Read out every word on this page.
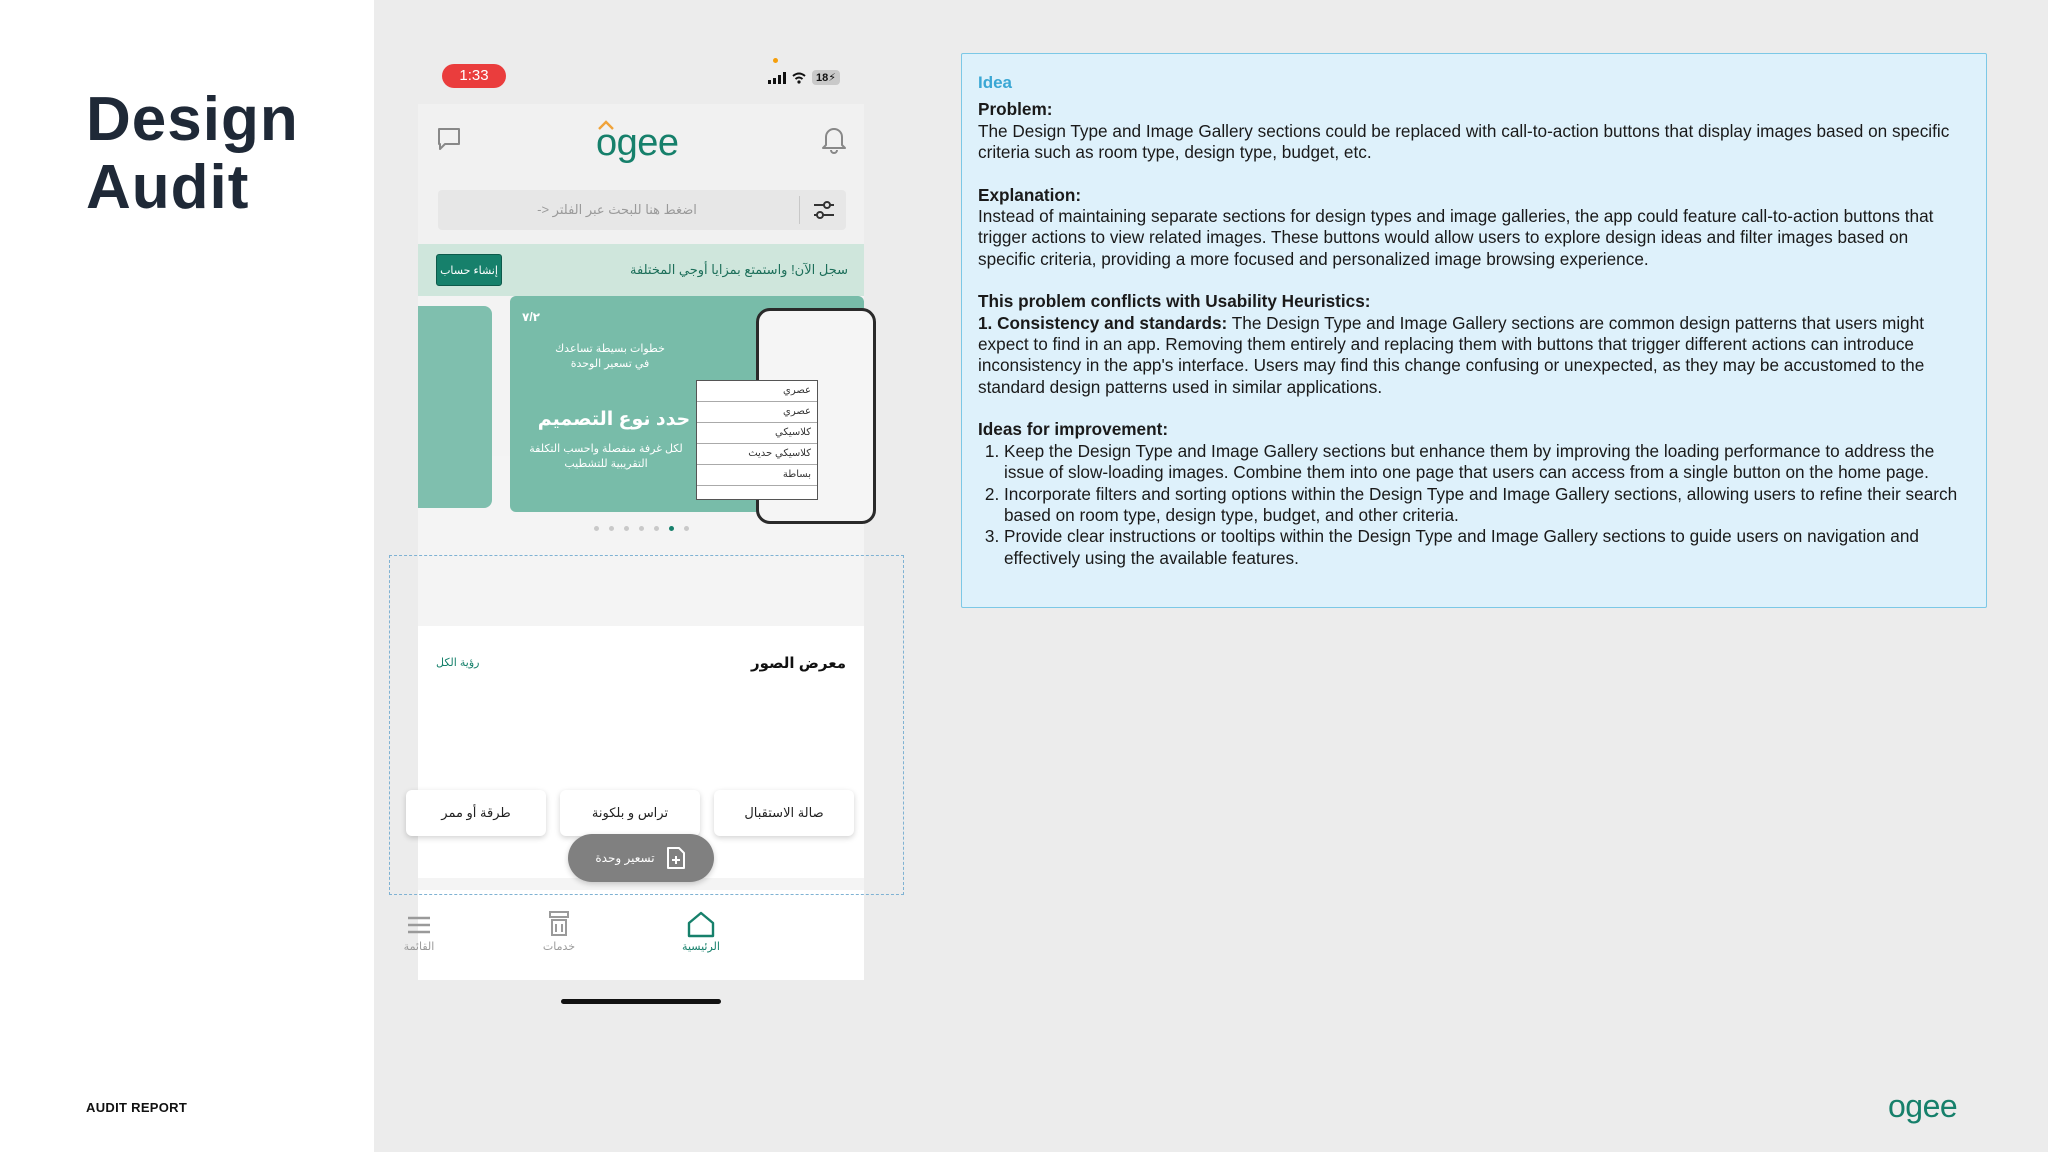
Design
Audit
AUDIT REPORT
1:33	18⚡
ogee
-> اضغط هنا للبحث عبر الفلتر
سجل الآن! واستمتع بمزايا أوجي المختلفة
إنشاء حساب
٧/٢
خطوات بسيطة تساعدك في تسعير الوحدة
حدد نوع التصميم
لكل غرفة منفصلة واحسب التكلفة التقريبية للتشطيب
عصري
عصري
كلاسيكي
كلاسيكي حديث
بساطة
معرض الصور
رؤية الكل
صالة الاستقبال
تراس و بلكونة
طرقة أو ممر
تسعير وحدة
الرئيسية
خدمات
القائمة
Idea
Problem:

The Design Type and Image Gallery sections could be replaced with call-to-action buttons that display images based on specific criteria such as room type, design type, budget, etc.

Explanation:

Instead of maintaining separate sections for design types and image galleries, the app could feature call-to-action buttons that trigger actions to view related images. These buttons would allow users to explore design ideas and filter images based on specific criteria, providing a more focused and personalized image browsing experience.

This problem conflicts with Usability Heuristics:

1. Consistency and standards: The Design Type and Image Gallery sections are common design patterns that users might expect to find in an app. Removing them entirely and replacing them with buttons that trigger different actions can introduce inconsistency in the app's interface. Users may find this change confusing or unexpected, as they may be accustomed to the standard design patterns used in similar applications.

Ideas for improvement:
1. Keep the Design Type and Image Gallery sections but enhance them by improving the loading performance to address the issue of slow-loading images. Combine them into one page that users can access from a single button on the home page.
2. Incorporate filters and sorting options within the Design Type and Image Gallery sections, allowing users to refine their search based on room type, design type, budget, and other criteria.
3. Provide clear instructions or tooltips within the Design Type and Image Gallery sections to guide users on navigation and effectively using the available features.
ogee
